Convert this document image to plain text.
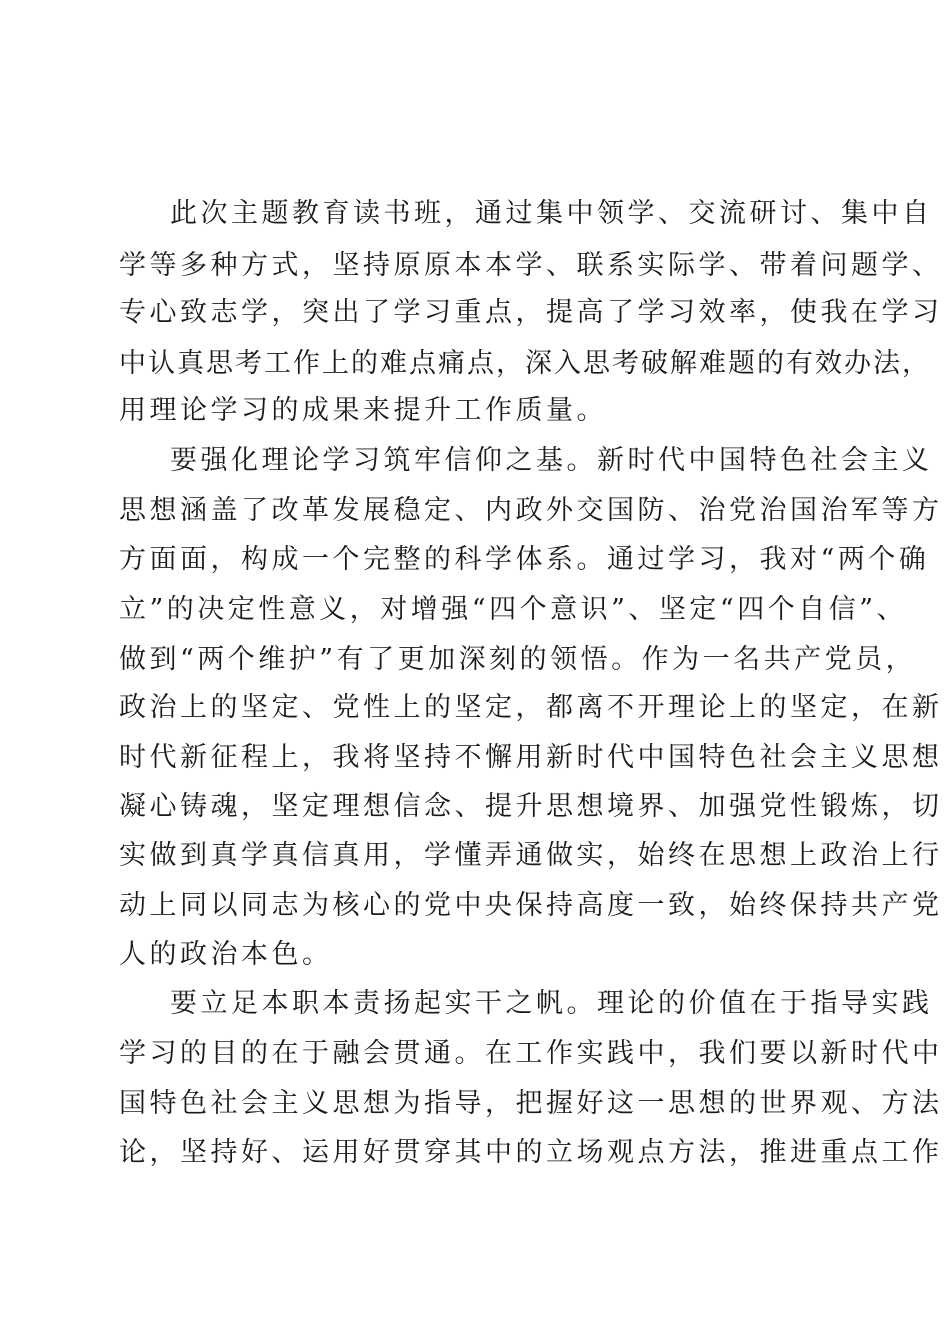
此次主题教育读书班，通过集中领学、交流研讨、集中自
学等多种方式，坚持原原本本学、联系实际学、带着问题学、
专心致志学，突出了学习重点，提高了学习效率，使我在学习
中认真思考工作上的难点痛点，深入思考破解难题的有效办法，
用理论学习的成果来提升工作质量。
要强化理论学习筑牢信仰之基。新时代中国特色社会主义
思想涵盖了改革发展稳定、内政外交国防、治党治国治军等方
方面面，构成一个完整的科学体系。通过学习，我对“两个确
立”的决定性意义，对增强“四个意识”、坚定“四个自信”、
做到“两个维护”有了更加深刻的领悟。作为一名共产党员，
政治上的坚定、党性上的坚定，都离不开理论上的坚定，在新
时代新征程上，我将坚持不懈用新时代中国特色社会主义思想
凝心铸魂，坚定理想信念、提升思想境界、加强党性锻炼，切
实做到真学真信真用，学懂弄通做实，始终在思想上政治上行
动上同以同志为核心的党中央保持高度一致，始终保持共产党
人的政治本色。
要立足本职本责扬起实干之帆。理论的价值在于指导实践
学习的目的在于融会贯通。在工作实践中，我们要以新时代中
国特色社会主义思想为指导，把握好这一思想的世界观、方法
论，坚持好、运用好贯穿其中的立场观点方法，推进重点工作
